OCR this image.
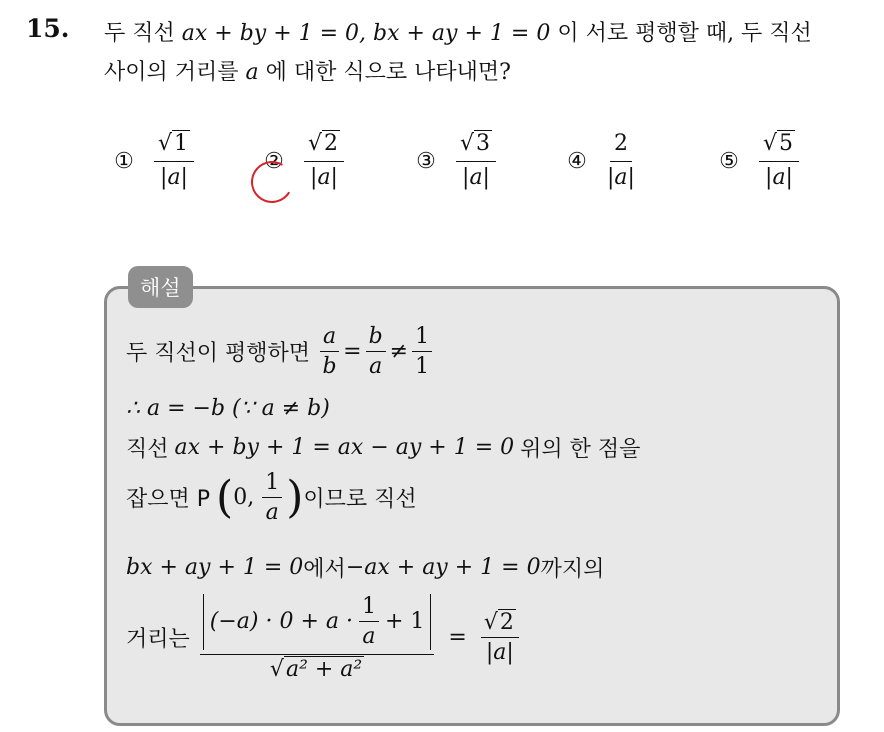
15. 두 직선 ax + by + 1 = 0, bx + ay + 1 = 0 이 서로 평행할 때, 두 직선
사이의 거리를 a 에 대한 식으로 나타내면?
① $\frac{√1}{|a|}$	② $\frac{√2}{|a|}$	③ $\frac{√3}{|a|}$	④ $\frac{2}{|a|}$	⑤ $\frac{√5}{|a|}$
해설
두 직선이 평행하면 $\frac{a}{b} = \frac{b}{a} \ne \frac{1}{1}$
∴ a = −b (∵ a ≠ b)
직선 ax + by + 1 = ax − ay + 1 = 0 위의 한 점을
잡으면 P ( 0, $\frac{1}{a}$ ) 이므로 직선
bx + ay + 1 = 0 에서 −ax + ay + 1 = 0 까지의
거리는 $\frac{(-a) \cdot 0 + a \cdot \frac{1}{a} + 1}{\text{√a² + a²}} = \frac{√2}{|a|}$
